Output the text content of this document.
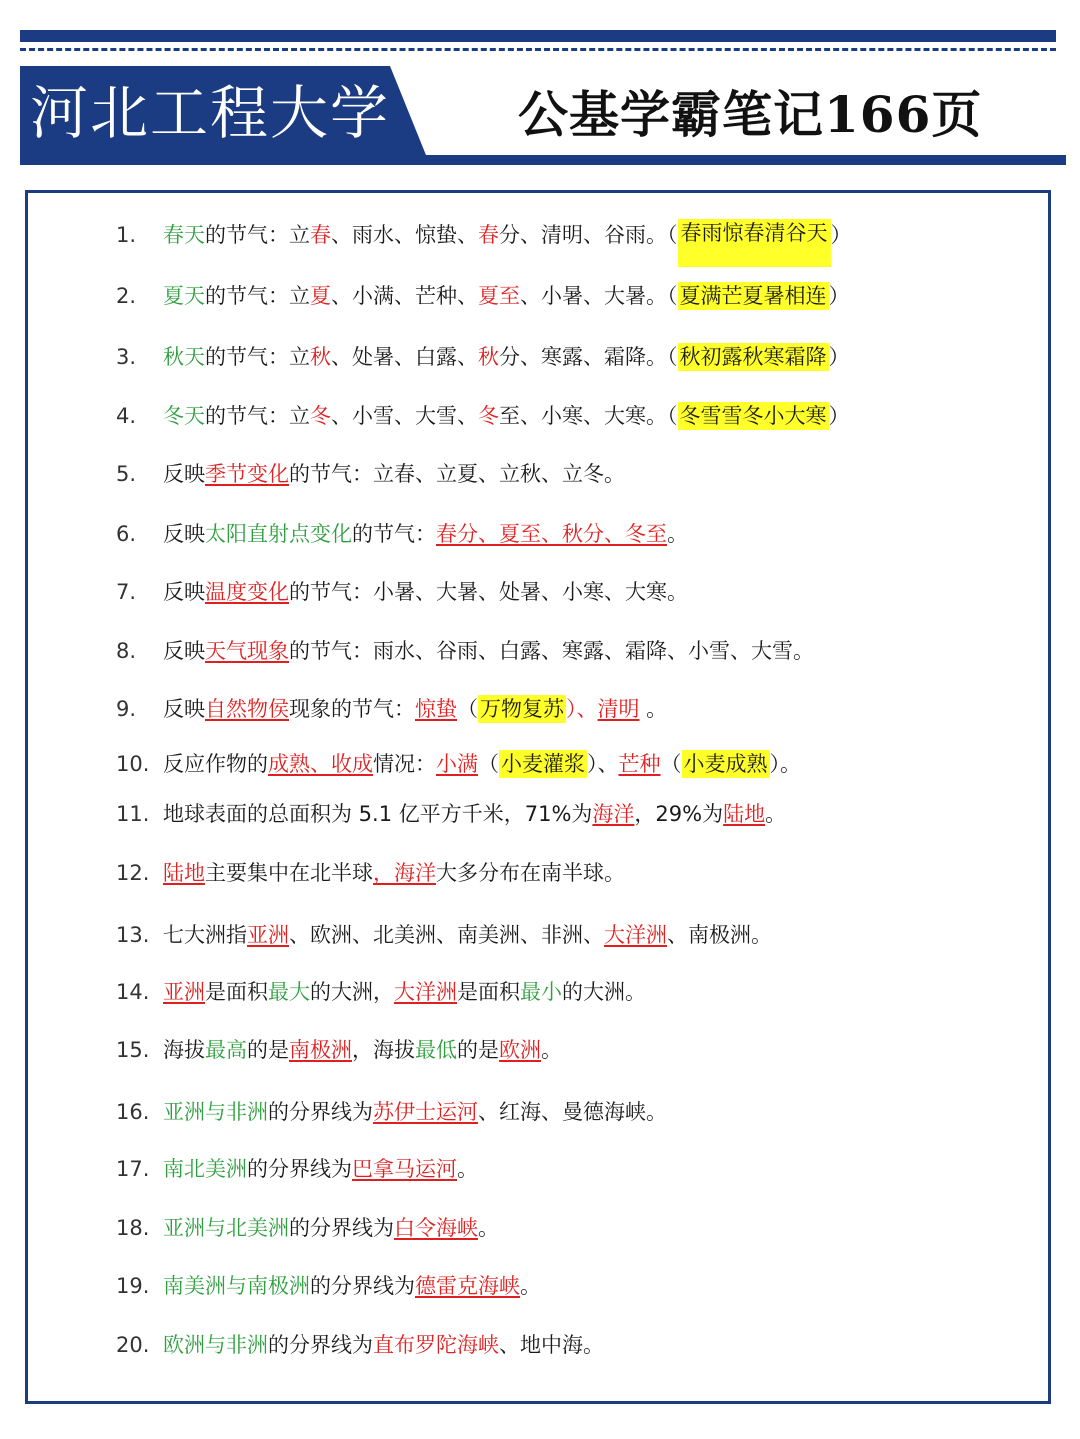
河北工程大学	公基学霸笔记166页
1. 春天的节气：立春、雨水、惊蛰、春分、清明、谷雨。（ 春雨惊春清谷天 ）
2. 夏天的节气：立夏、小满、芒种、夏至、小暑、大暑。（夏满芒夏暑相连）
3. 秋天的节气：立秋、处暑、白露、秋分、寒露、霜降。（秋初露秋寒霜降）
4. 冬天的节气：立冬、小雪、大雪、冬至、小寒、大寒。（冬雪雪冬小大寒）
5. 反映季节变化的节气：立春、立夏、立秋、立冬。
6. 反映太阳直射点变化的节气：春分、夏至、秋分、冬至。
7. 反映温度变化的节气：小暑、大暑、处暑、小寒、大寒。
8. 反映天气现象的节气：雨水、谷雨、白露、寒露、霜降、小雪、大雪。
9. 反映自然物侯现象的节气：惊蛰（万物复苏）、清明 。
10. 反应作物的成熟、收成情况：小满（小麦灌浆）、芒种（小麦成熟）。
11. 地球表面的总面积为 5.1 亿平方千米，71%为海洋，29%为陆地。
12. 陆地主要集中在北半球，海洋大多分布在南半球。
13. 七大洲指亚洲、欧洲、北美洲、南美洲、非洲、大洋洲、南极洲。
14. 亚洲是面积最大的大洲，大洋洲是面积最小的大洲。
15. 海拔最高的是南极洲，海拔最低的是欧洲。
16. 亚洲与非洲的分界线为苏伊士运河、红海、曼德海峡。
17. 南北美洲的分界线为巴拿马运河。
18. 亚洲与北美洲的分界线为白令海峡。
19. 南美洲与南极洲的分界线为德雷克海峡。
20. 欧洲与非洲的分界线为直布罗陀海峡、地中海。
